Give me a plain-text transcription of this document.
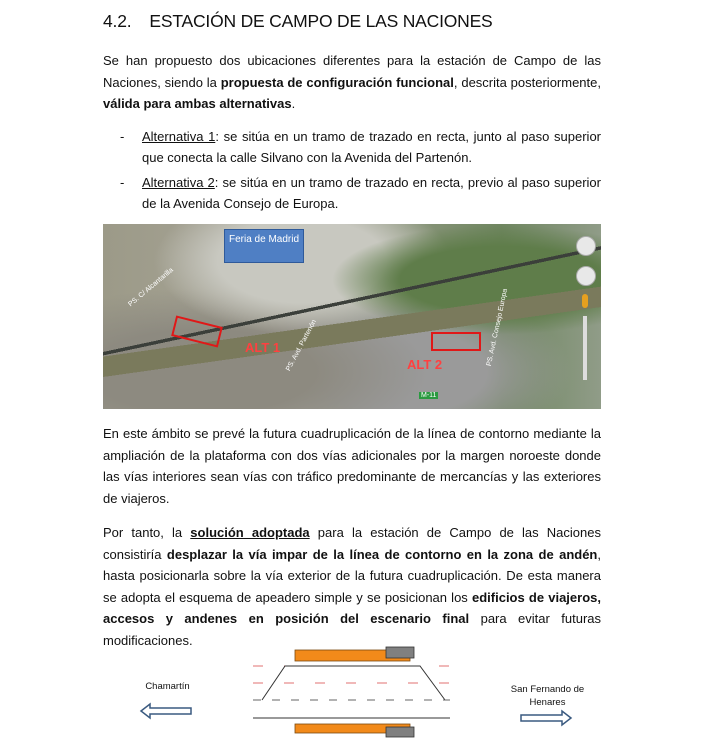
4.2. ESTACIÓN DE CAMPO DE LAS NACIONES
Se han propuesto dos ubicaciones diferentes para la estación de Campo de las Naciones, siendo la propuesta de configuración funcional, descrita posteriormente, válida para ambas alternativas.
- Alternativa 1: se sitúa en un tramo de trazado en recta, junto al paso superior que conecta la calle Silvano con la Avenida del Partenón.
- Alternativa 2: se sitúa en un tramo de trazado en recta, previo al paso superior de la Avenida Consejo de Europa.
Feria de Madrid
ALT 1
ALT 2
PS. C/ Alcantarilla
PS. Avd. Partenón	PS. Avd. Consejo Europa
M-11
En este ámbito se prevé la futura cuadruplicación de la línea de contorno mediante la ampliación de la plataforma con dos vías adicionales por la margen noroeste donde las vías interiores sean vías con tráfico predominante de mercancías y las exteriores de viajeros.
Por tanto, la solución adoptada para la estación de Campo de las Naciones consistiría desplazar la vía impar de la línea de contorno en la zona de andén, hasta posicionarla sobre la vía exterior de la futura cuadruplicación. De esta manera se adopta el esquema de apeadero simple y se posicionan los edificios de viajeros, accesos y andenes en posición del escenario final para evitar futuras modificaciones.
Chamartín	San Fernando de Henares
